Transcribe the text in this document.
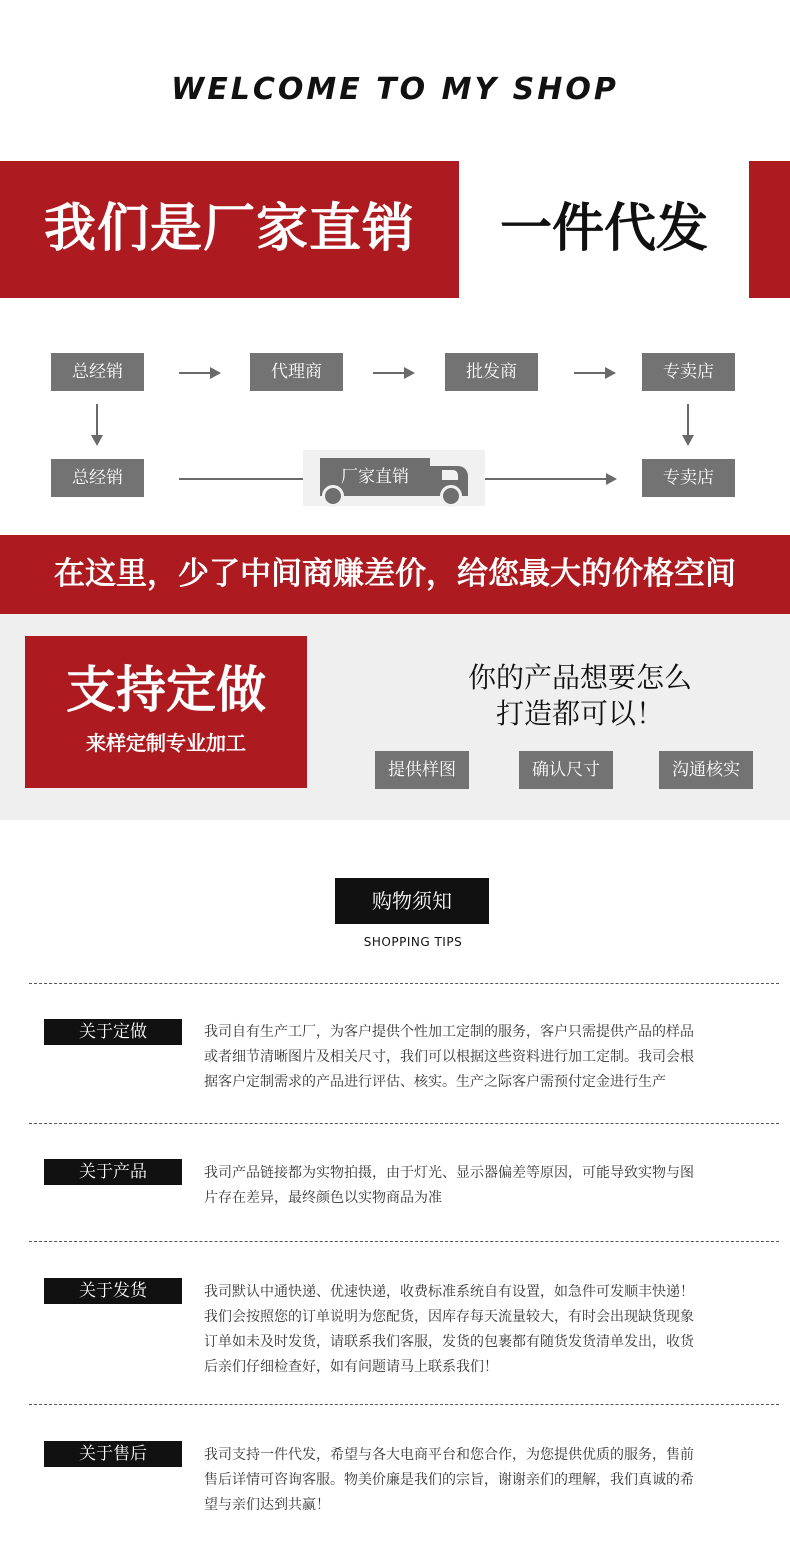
WELCOME TO MY SHOP
我们是厂家直销	一件代发
总经销	代理商	批发商	专卖店
总经销	厂家直销	专卖店
在这里，少了中间商赚差价，给您最大的价格空间
支持定做
来样定制专业加工
你的产品想要怎么
打造都可以！
提供样图	确认尺寸	沟通核实
购物须知
SHOPPING TIPS
关于定做	我司自有生产工厂，为客户提供个性加工定制的服务，客户只需提供产品的样品
或者细节清晰图片及相关尺寸，我们可以根据这些资料进行加工定制。我司会根
据客户定制需求的产品进行评估、核实。生产之际客户需预付定金进行生产
关于产品	我司产品链接都为实物拍摄，由于灯光、显示器偏差等原因，可能导致实物与图
片存在差异，最终颜色以实物商品为准
关于发货	我司默认中通快递、优速快递，收费标准系统自有设置，如急件可发顺丰快递！
我们会按照您的订单说明为您配货，因库存每天流量较大，有时会出现缺货现象
订单如未及时发货，请联系我们客服，发货的包裹都有随货发货清单发出，收货
后亲们仔细检查好，如有问题请马上联系我们！
关于售后	我司支持一件代发，希望与各大电商平台和您合作，为您提供优质的服务，售前
售后详情可咨询客服。物美价廉是我们的宗旨，谢谢亲们的理解，我们真诚的希
望与亲们达到共赢！
